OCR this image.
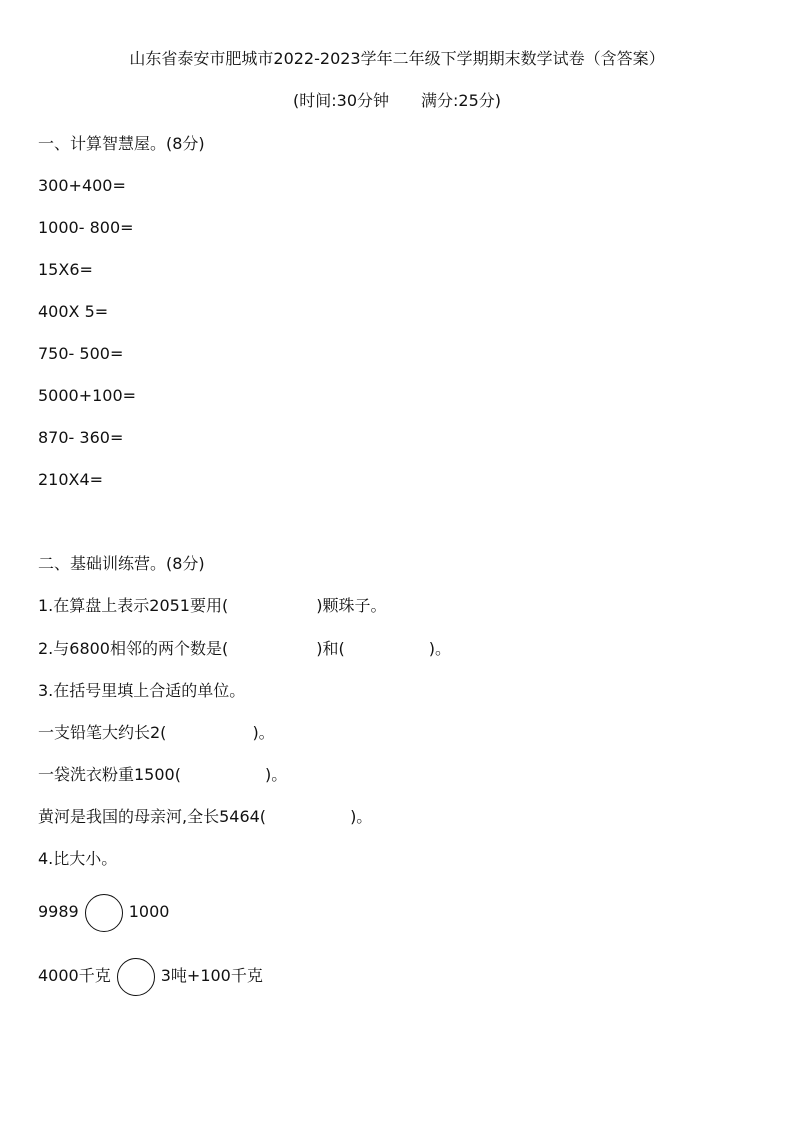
山东省泰安市肥城市2022-2023学年二年级下学期期末数学试卷（含答案）
(时间:30分钟 满分:25分)
一、计算智慧屋。(8分)
300+400=
1000- 800=
15X6=
400X 5=
750- 500=
5000+100=
870- 360=
210X4=
二、基础训练营。(8分)
1.在算盘上表示2051要用(	)颗珠子。
2.与6800相邻的两个数是(	)和(	)。
3.在括号里填上合适的单位。
一支铅笔大约长2(	)。
一袋洗衣粉重1500(	)。
黄河是我国的母亲河,全长5464(	)。
4.比大小。
9989	1000
4000千克	3吨+100千克
